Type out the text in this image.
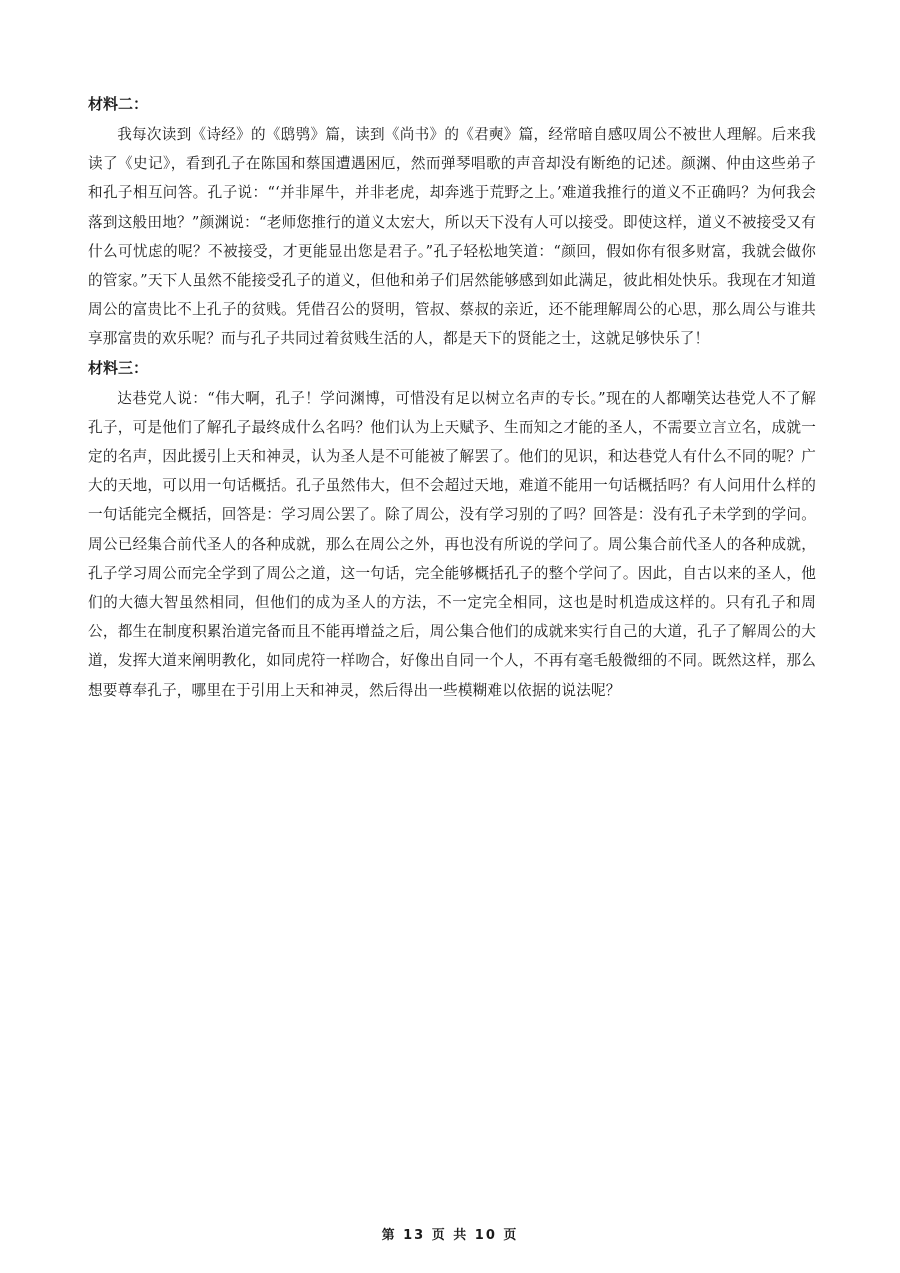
材料二：

我每次读到《诗经》的《鸱鸮》篇，读到《尚书》的《君奭》篇，经常暗自感叹周公不被世人理解。后来我读了《史记》，看到孔子在陈国和蔡国遭遇困厄，然而弹琴唱歌的声音却没有断绝的记述。颜渊、仲由这些弟子和孔子相互问答。孔子说：“‘并非犀牛，并非老虎，却奔逃于荒野之上。’难道我推行的道义不正确吗？为何我会落到这般田地？”颜渊说：“老师您推行的道义太宏大，所以天下没有人可以接受。即使这样，道义不被接受又有什么可忧虑的呢？不被接受，才更能显出您是君子。”孔子轻松地笑道：“颜回，假如你有很多财富，我就会做你的管家。”天下人虽然不能接受孔子的道义，但他和弟子们居然能够感到如此满足，彼此相处快乐。我现在才知道周公的富贵比不上孔子的贫贱。凭借召公的贤明，管叔、蔡叔的亲近，还不能理解周公的心思，那么周公与谁共享那富贵的欢乐呢？而与孔子共同过着贫贱生活的人，都是天下的贤能之士，这就足够快乐了！

材料三：

达巷党人说：“伟大啊，孔子！学问渊博，可惜没有足以树立名声的专长。”现在的人都嘲笑达巷党人不了解孔子，可是他们了解孔子最终成什么名吗？他们认为上天赋予、生而知之才能的圣人，不需要立言立名，成就一定的名声，因此援引上天和神灵，认为圣人是不可能被了解罢了。他们的见识，和达巷党人有什么不同的呢？广大的天地，可以用一句话概括。孔子虽然伟大，但不会超过天地，难道不能用一句话概括吗？有人问用什么样的一句话能完全概括，回答是：学习周公罢了。除了周公，没有学习别的了吗？回答是：没有孔子未学到的学问。周公已经集合前代圣人的各种成就，那么在周公之外，再也没有所说的学问了。周公集合前代圣人的各种成就，孔子学习周公而完全学到了周公之道，这一句话，完全能够概括孔子的整个学问了。因此，自古以来的圣人，他们的大德大智虽然相同，但他们的成为圣人的方法，不一定完全相同，这也是时机造成这样的。只有孔子和周公，都生在制度积累治道完备而且不能再增益之后，周公集合他们的成就来实行自己的大道，孔子了解周公的大道，发挥大道来阐明教化，如同虎符一样吻合，好像出自同一个人，不再有毫毛般微细的不同。既然这样，那么想要尊奉孔子，哪里在于引用上天和神灵，然后得出一些模糊难以依据的说法呢？

第 13 页 共 10 页
